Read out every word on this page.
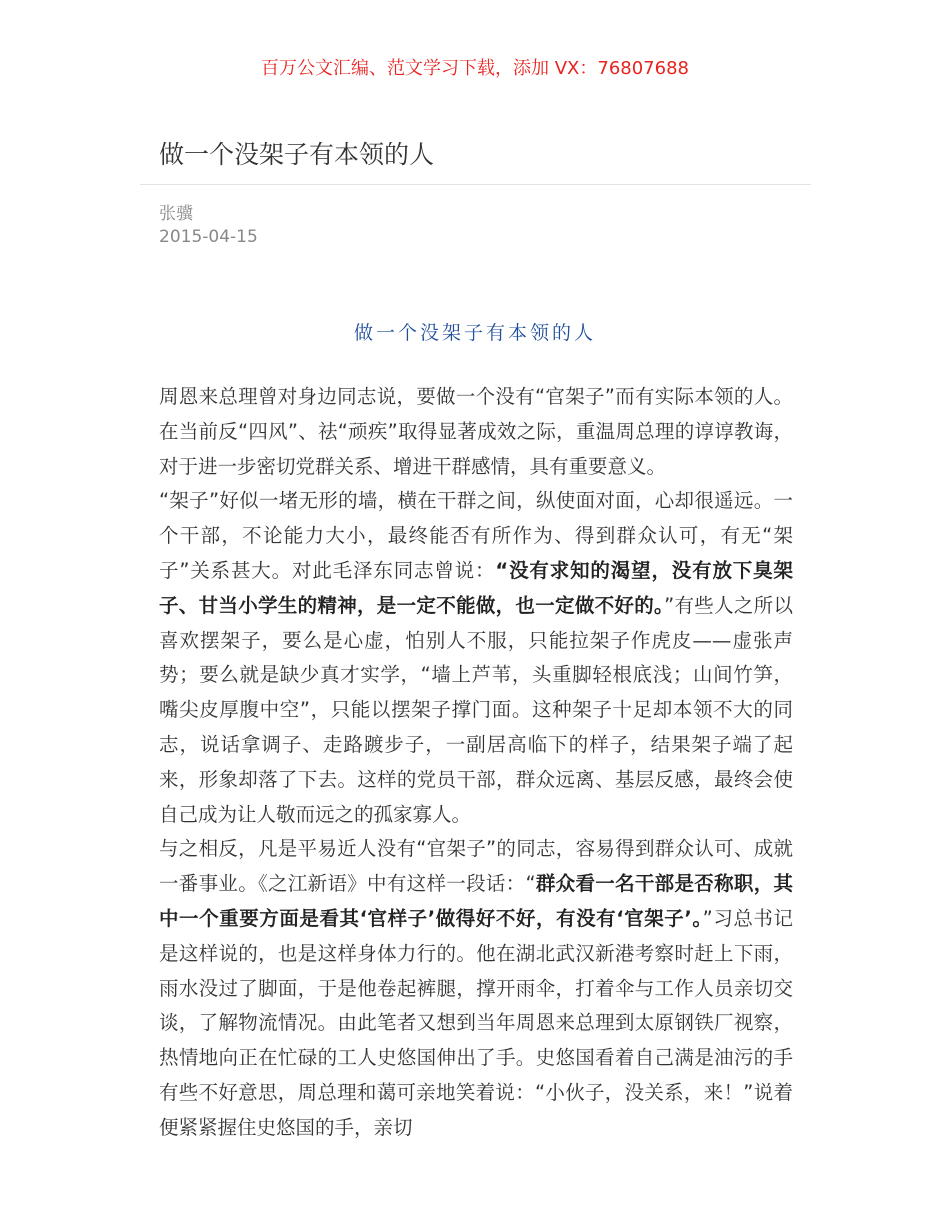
百万公文汇编、范文学习下载，添加 VX：76807688
做一个没架子有本领的人
张骥
2015-04-15
做一个没架子有本领的人

周恩来总理曾对身边同志说，要做一个没有“官架子”而有实际本领的人。在当前反“四风”、祛“顽疾”取得显著成效之际，重温周总理的谆谆教诲，对于进一步密切党群关系、增进干群感情，具有重要意义。

“架子”好似一堵无形的墙，横在干群之间，纵使面对面，心却很遥远。一个干部，不论能力大小，最终能否有所作为、得到群众认可，有无“架子”关系甚大。对此毛泽东同志曾说：“没有求知的渴望，没有放下臭架子、甘当小学生的精神，是一定不能做，也一定做不好的。”有些人之所以喜欢摆架子，要么是心虚，怕别人不服，只能拉架子作虎皮——虚张声势；要么就是缺少真才实学，“墙上芦苇，头重脚轻根底浅；山间竹笋，嘴尖皮厚腹中空”，只能以摆架子撑门面。这种架子十足却本领不大的同志，说话拿调子、走路踱步子，一副居高临下的样子，结果架子端了起来，形象却落了下去。这样的党员干部，群众远离、基层反感，最终会使自己成为让人敬而远之的孤家寡人。

与之相反，凡是平易近人没有“官架子”的同志，容易得到群众认可、成就一番事业。《之江新语》中有这样一段话：“群众看一名干部是否称职，其中一个重要方面是看其‘官样子’做得好不好，有没有‘官架子’。”习总书记是这样说的，也是这样身体力行的。他在湖北武汉新港考察时赶上下雨，雨水没过了脚面，于是他卷起裤腿，撑开雨伞，打着伞与工作人员亲切交谈，了解物流情况。由此笔者又想到当年周恩来总理到太原钢铁厂视察，热情地向正在忙碌的工人史悠国伸出了手。史悠国看着自己满是油污的手有些不好意思，周总理和蔼可亲地笑着说：“小伙子，没关系，来！”说着便紧紧握住史悠国的手，亲切
